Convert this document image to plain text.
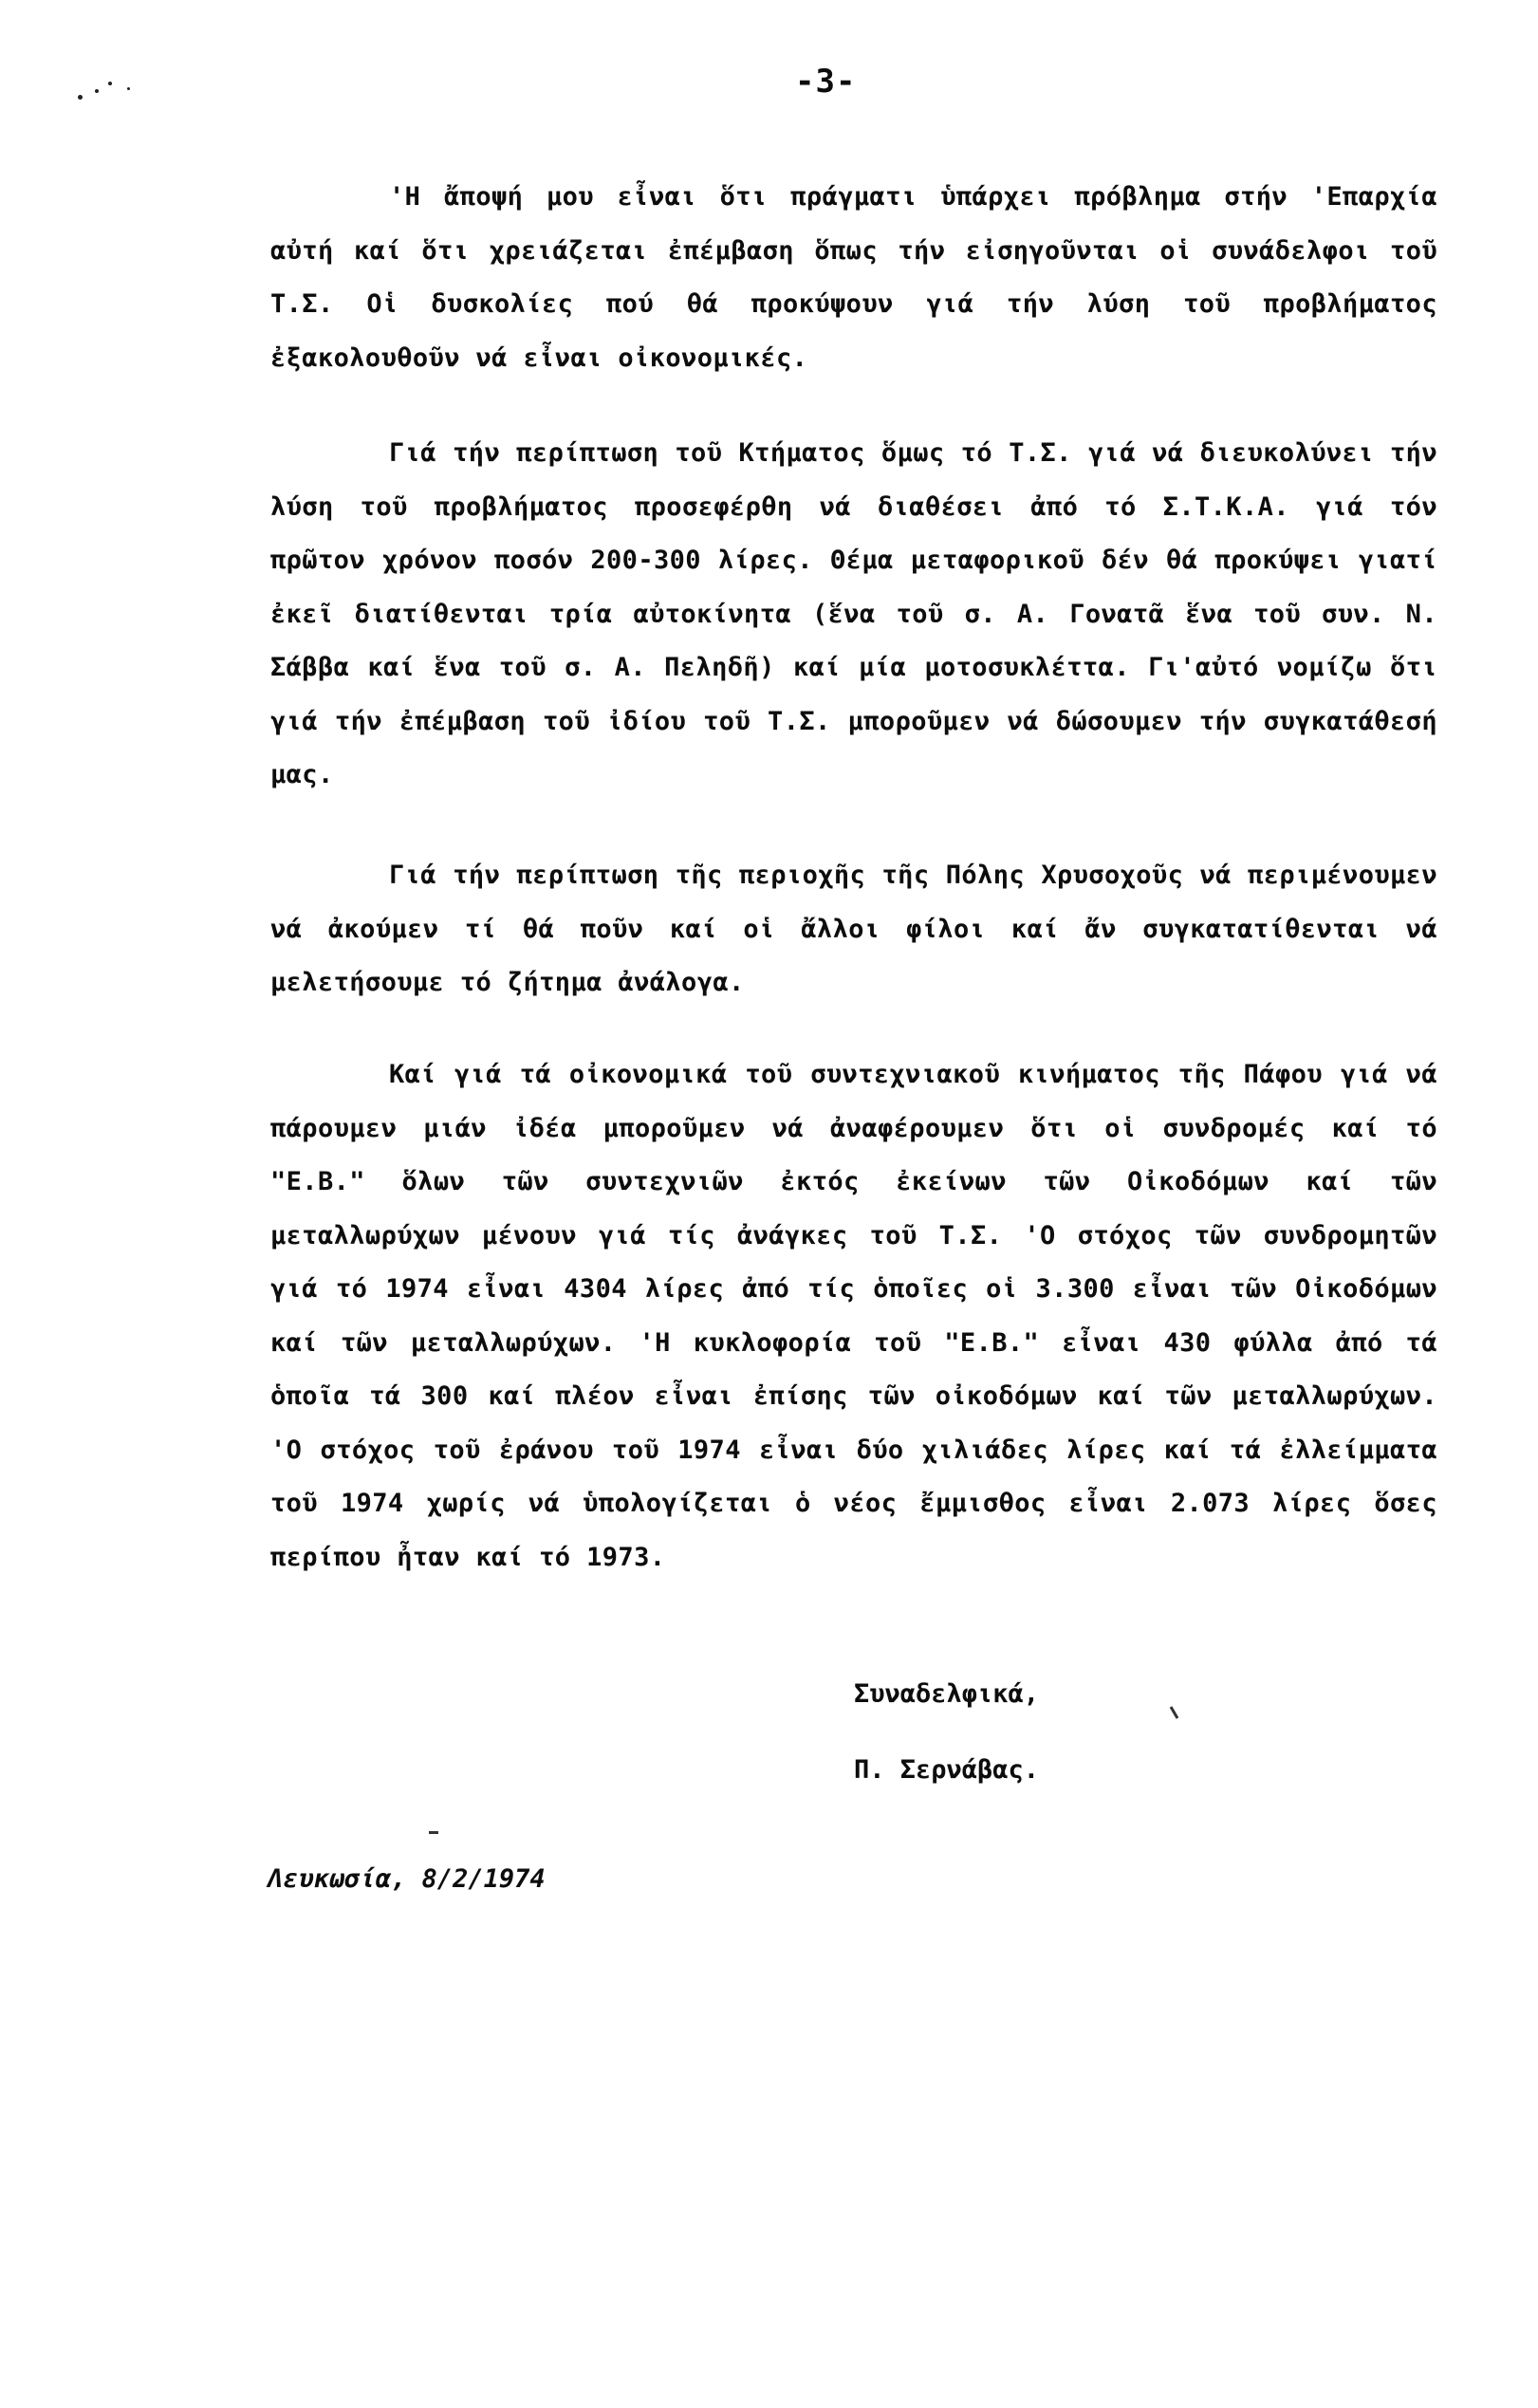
-3-

'Η ἄποψή μου εἶναι ὅτι πράγματι ὑπάρχει πρόβλημα στήν 'Επαρχία αὐτή καί ὅτι χρειάζεται ἐπέμβαση ὅπως τήν εἰσηγοῦνται οἱ συνάδελφοι τοῦ Τ.Σ. Οἱ δυσκολίες πού θά προκύψουν γιά τήν λύση τοῦ προβλήματος ἐξακολουθοῦν νά εἶναι οἰκονομικές.

Γιά τήν περίπτωση τοῦ Κτήματος ὅμως τό Τ.Σ. γιά νά διευκολύνει τήν λύση τοῦ προβλήματος προσεφέρθη νά διαθέσει ἀπό τό Σ.Τ.Κ.Α. γιά τόν πρῶτον χρόνον ποσόν 200-300 λίρες. Θέμα μεταφορικοῦ δέν θά προκύψει γιατί ἐκεῖ διατίθενται τρία αὐτοκίνητα (ἕνα τοῦ σ. Α. Γονατᾶ ἕνα τοῦ συν. Ν. Σάββα καί ἕνα τοῦ σ. Α. Πεληδῆ) καί μία μοτοσυκλέττα. Γι'αὐτό νομίζω ὅτι γιά τήν ἐπέμβαση τοῦ ἰδίου τοῦ Τ.Σ. μποροῦμεν νά δώσουμεν τήν συγκατάθεσή μας.

Γιά τήν περίπτωση τῆς περιοχῆς τῆς Πόλης Χρυσοχοῦς νά περιμένουμεν νά ἀκούμεν τί θά ποῦν καί οἱ ἄλλοι φίλοι καί ἄν συγκατατίθενται νά μελετήσουμε τό ζήτημα ἀνάλογα.

Καί γιά τά οἰκονομικά τοῦ συντεχνιακοῦ κινήματος τῆς Πάφου γιά νά πάρουμεν μιάν ἰδέα μποροῦμεν νά ἀναφέρουμεν ὅτι οἱ συνδρομές καί τό "Ε.Β." ὅλων τῶν συντεχνιῶν ἐκτός ἐκείνων τῶν Οἰκοδόμων καί τῶν μεταλλωρύχων μένουν γιά τίς ἀνάγκες τοῦ Τ.Σ. 'Ο στόχος τῶν συνδρομητῶν γιά τό 1974 εἶναι 4304 λίρες ἀπό τίς ὁποῖες οἱ 3.300 εἶναι τῶν Οἰκοδόμων καί τῶν μεταλλωρύχων. 'Η κυκλοφορία τοῦ "Ε.Β." εἶναι 430 φύλλα ἀπό τά ὁποῖα τά 300 καί πλέον εἶναι ἐπίσης τῶν οἰκοδόμων καί τῶν μεταλλωρύχων. 'Ο στόχος τοῦ ἐράνου τοῦ 1974 εἶναι δύο χιλιάδες λίρες καί τά ἐλλείμματα τοῦ 1974 χωρίς νά ὑπολογίζεται ὁ νέος ἔμμισθος εἶναι 2.073 λίρες ὅσες περίπου ἦταν καί τό 1973.

Συναδελφικά,
Π. Σερνάβας.
Λευκωσία, 8/2/1974
